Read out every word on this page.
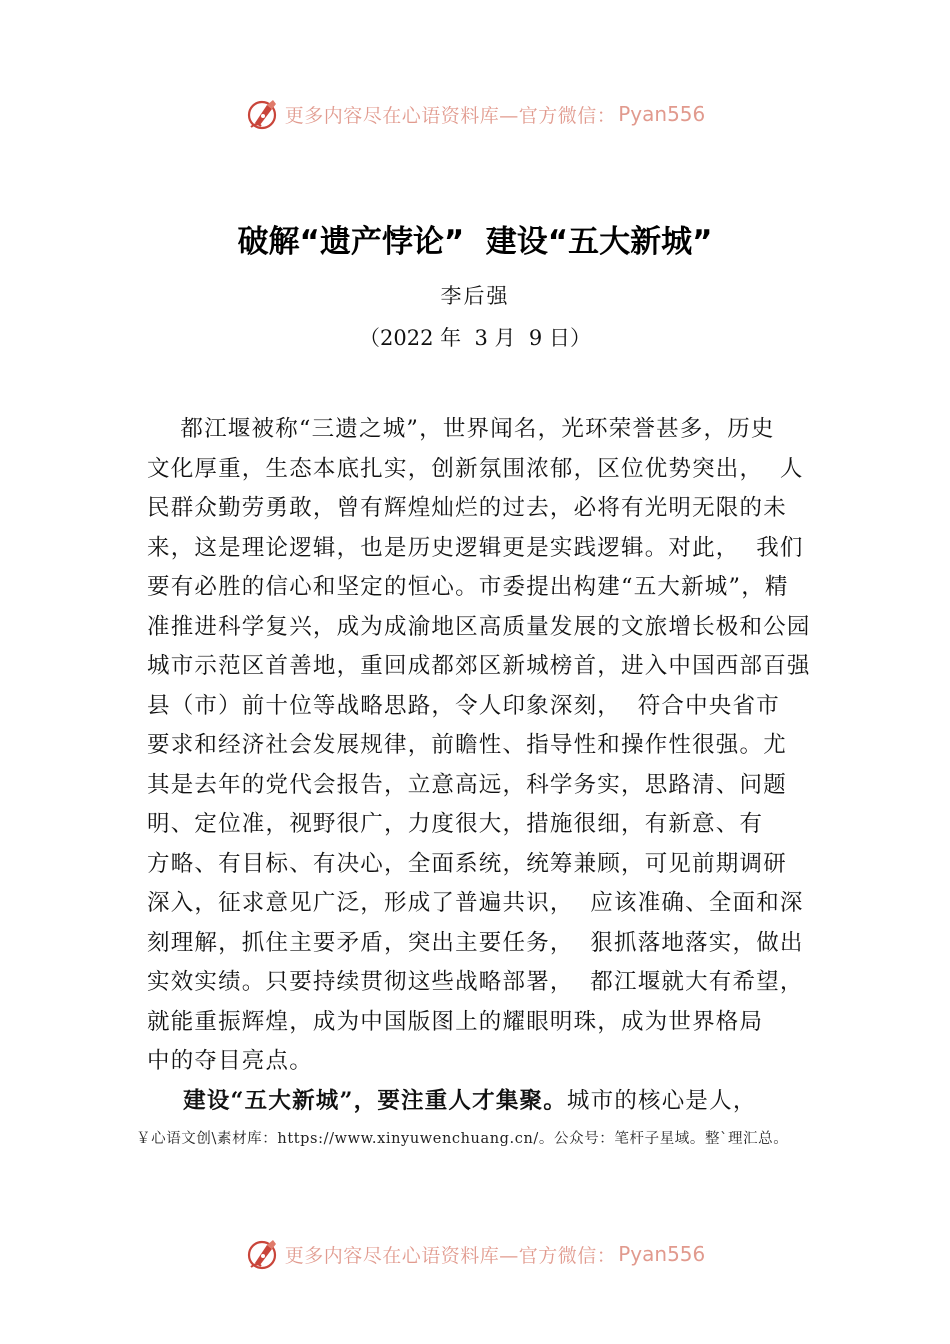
更多内容尽在心语资料库—官方微信： Pyan556
破解“遗产悖论”  建设“五大新城”
李后强
（2022 年  3 月  9 日）
都江堰被称“三遗之城”，世界闻名，光环荣誉甚多，历史
文化厚重，生态本底扎实，创新氛围浓郁，区位优势突出，  人
民群众勤劳勇敢，曾有辉煌灿烂的过去，必将有光明无限的未
来，这是理论逻辑，也是历史逻辑更是实践逻辑。对此，  我们
要有必胜的信心和坚定的恒心。市委提出构建“五大新城”，精
准推进科学复兴，成为成渝地区高质量发展的文旅增长极和公园
城市示范区首善地，重回成都郊区新城榜首，进入中国西部百强
县（市）前十位等战略思路，令人印象深刻，  符合中央省市
要求和经济社会发展规律，前瞻性、指导性和操作性很强。尤
其是去年的党代会报告，立意高远，科学务实，思路清、问题
明、定位准，视野很广，力度很大，措施很细，有新意、有
方略、有目标、有决心，全面系统，统筹兼顾，可见前期调研
深入，征求意见广泛，形成了普遍共识，  应该准确、全面和深
刻理解，抓住主要矛盾，突出主要任务，  狠抓落地落实，做出
实效实绩。只要持续贯彻这些战略部署，  都江堰就大有希望，
就能重振辉煌，成为中国版图上的耀眼明珠，成为世界格局
中的夺目亮点。
建设“五大新城”，要注重人才集聚。城市的核心是人，
￥心语文创\素材库：https://www.xinyuwenchuang.cn/。公众号：笔杆子星域。整`理汇总。
更多内容尽在心语资料库—官方微信： Pyan556
